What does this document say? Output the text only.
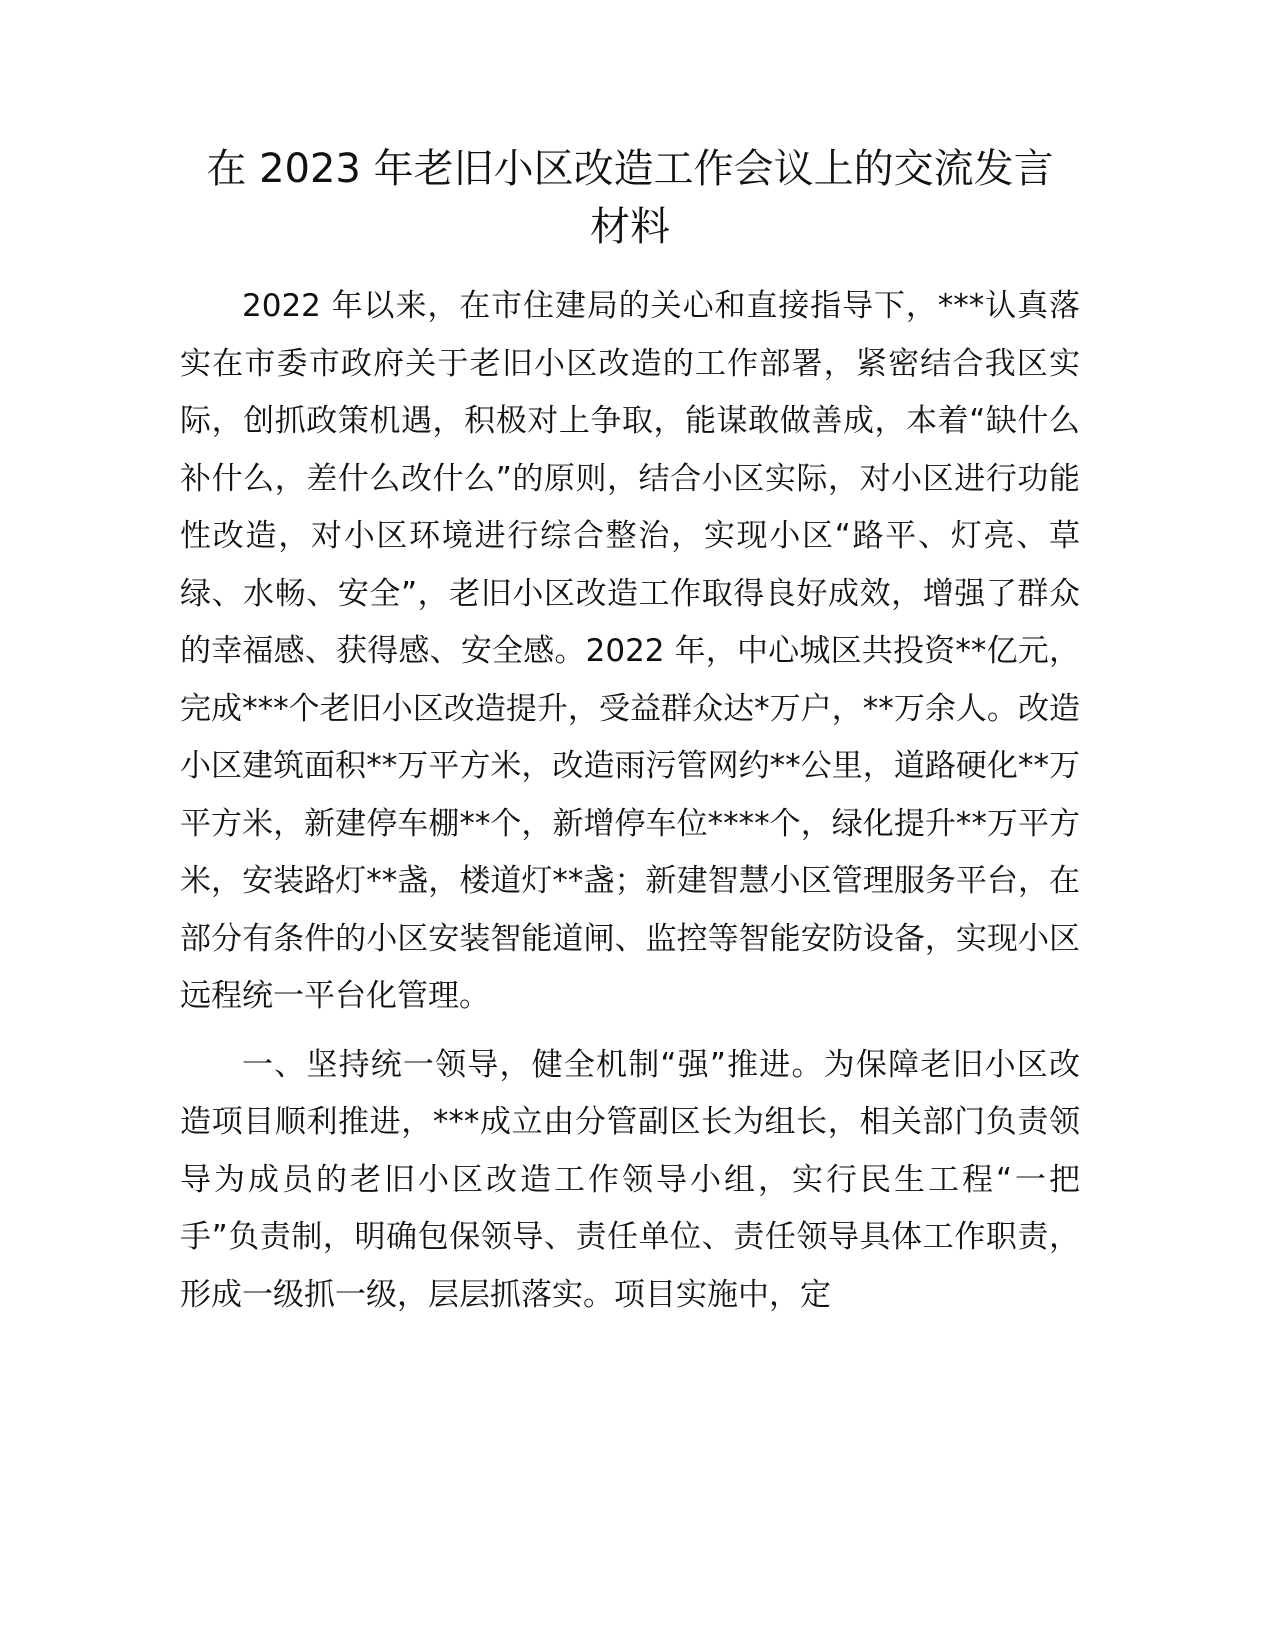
在 2023 年老旧小区改造工作会议上的交流发言
材料

2022 年以来，在市住建局的关心和直接指导下，***认真落实在市委市政府关于老旧小区改造的工作部署，紧密结合我区实际，创抓政策机遇，积极对上争取，能谋敢做善成，本着“缺什么补什么，差什么改什么”的原则，结合小区实际，对小区进行功能性改造，对小区环境进行综合整治，实现小区“路平、灯亮、草绿、水畅、安全”，老旧小区改造工作取得良好成效，增强了群众的幸福感、获得感、安全感。2022 年，中心城区共投资**亿元，完成***个老旧小区改造提升，受益群众达*万户，**万余人。改造小区建筑面积**万平方米，改造雨污管网约**公里，道路硬化**万平方米，新建停车棚**个，新增停车位****个，绿化提升**万平方米，安装路灯**盏，楼道灯**盏；新建智慧小区管理服务平台，在部分有条件的小区安装智能道闸、监控等智能安防设备，实现小区远程统一平台化管理。

一、坚持统一领导，健全机制“强”推进。为保障老旧小区改造项目顺利推进，***成立由分管副区长为组长，相关部门负责领导为成员的老旧小区改造工作领导小组，实行民生工程“一把手”负责制，明确包保领导、责任单位、责任领导具体工作职责，形成一级抓一级，层层抓落实。项目实施中，定
